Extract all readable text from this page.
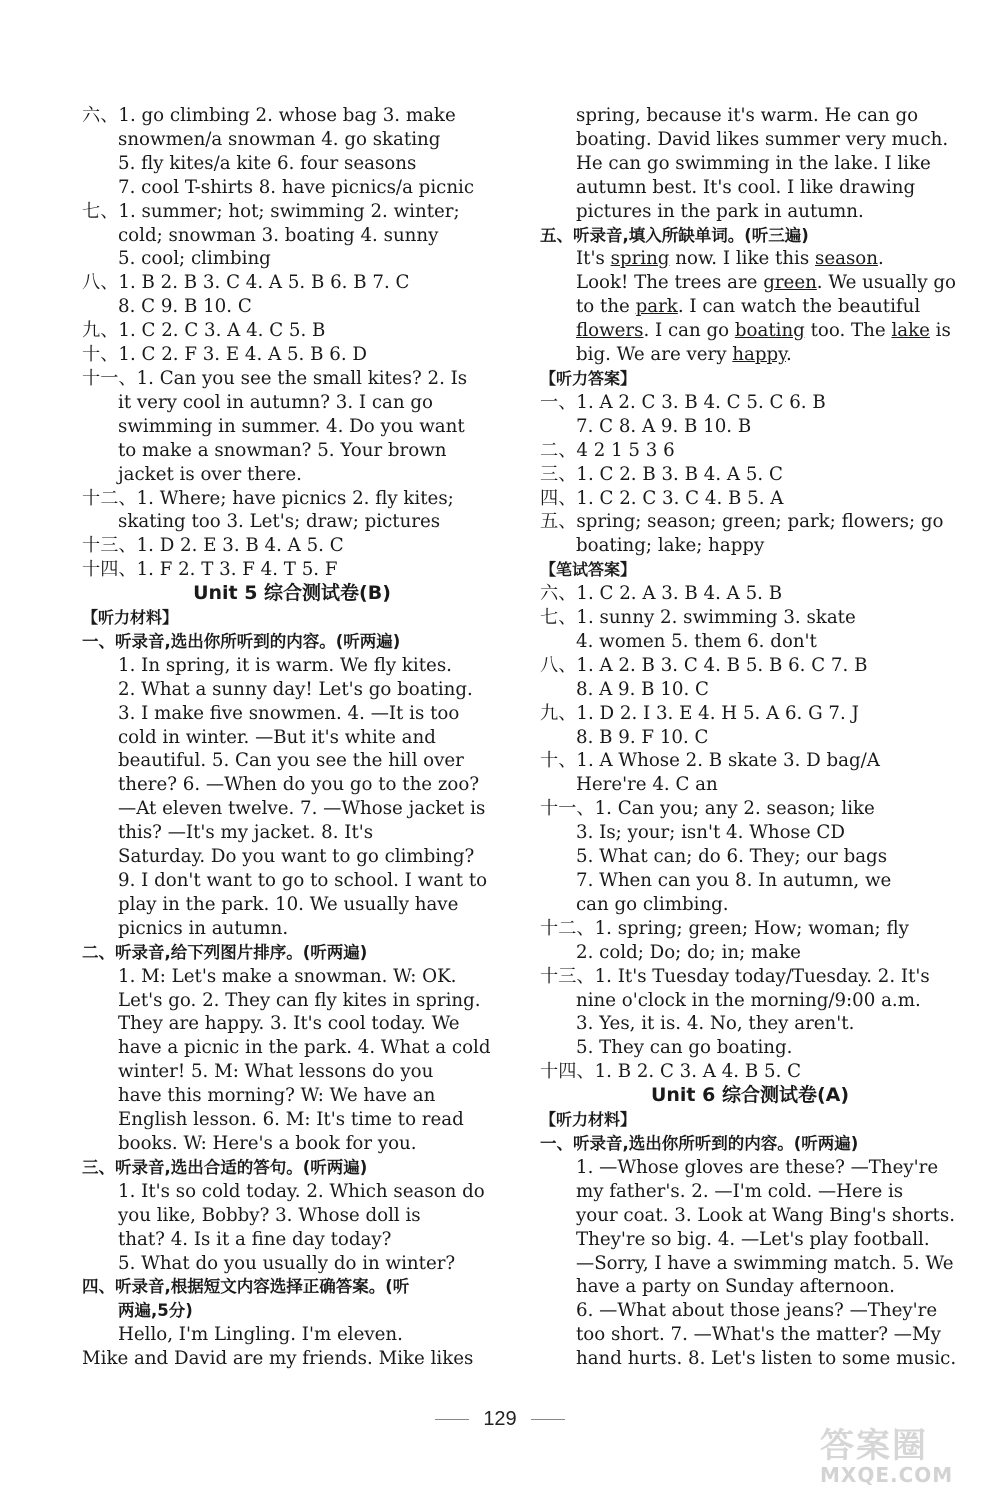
六、1. go climbing 2. whose bag 3. make
snowmen/a snowman 4. go skating
5. fly kites/a kite 6. four seasons
7. cool T-shirts 8. have picnics/a picnic
七、1. summer; hot; swimming 2. winter;
cold; snowman 3. boating 4. sunny
5. cool; climbing
八、1. B 2. B 3. C 4. A 5. B 6. B 7. C
8. C 9. B 10. C
九、1. C 2. C 3. A 4. C 5. B
十、1. C 2. F 3. E 4. A 5. B 6. D
十一、1. Can you see the small kites? 2. Is
it very cool in autumn? 3. I can go
swimming in summer. 4. Do you want
to make a snowman? 5. Your brown
jacket is over there.
十二、1. Where; have picnics 2. fly kites;
skating too 3. Let's; draw; pictures
十三、1. D 2. E 3. B 4. A 5. C
十四、1. F 2. T 3. F 4. T 5. F
Unit 5 综合测试卷(B)
【听力材料】
一、听录音,选出你所听到的内容。(听两遍)
1. In spring, it is warm. We fly kites.
2. What a sunny day! Let's go boating.
3. I make five snowmen. 4. —It is too
cold in winter. —But it's white and
beautiful. 5. Can you see the hill over
there? 6. —When do you go to the zoo?
—At eleven twelve. 7. —Whose jacket is
this? —It's my jacket. 8. It's
Saturday. Do you want to go climbing?
9. I don't want to go to school. I want to
play in the park. 10. We usually have
picnics in autumn.
二、听录音,给下列图片排序。(听两遍)
1. M: Let's make a snowman. W: OK.
Let's go. 2. They can fly kites in spring.
They are happy. 3. It's cool today. We
have a picnic in the park. 4. What a cold
winter! 5. M: What lessons do you
have this morning? W: We have an
English lesson. 6. M: It's time to read
books. W: Here's a book for you.
三、听录音,选出合适的答句。(听两遍)
1. It's so cold today. 2. Which season do
you like, Bobby? 3. Whose doll is
that? 4. Is it a fine day today?
5. What do you usually do in winter?
四、听录音,根据短文内容选择正确答案。(听
两遍,5分)
Hello, I'm Lingling. I'm eleven.
Mike and David are my friends. Mike likes
spring, because it's warm. He can go
boating. David likes summer very much.
He can go swimming in the lake. I like
autumn best. It's cool. I like drawing
pictures in the park in autumn.
五、听录音,填入所缺单词。(听三遍)
It's spring now. I like this season.
Look! The trees are green. We usually go
to the park. I can watch the beautiful
flowers. I can go boating too. The lake is
big. We are very happy.
【听力答案】
一、1. A 2. C 3. B 4. C 5. C 6. B
7. C 8. A 9. B 10. B
二、4 2 1 5 3 6
三、1. C 2. B 3. B 4. A 5. C
四、1. C 2. C 3. C 4. B 5. A
五、spring; season; green; park; flowers; go
boating; lake; happy
【笔试答案】
六、1. C 2. A 3. B 4. A 5. B
七、1. sunny 2. swimming 3. skate
4. women 5. them 6. don't
八、1. A 2. B 3. C 4. B 5. B 6. C 7. B
8. A 9. B 10. C
九、1. D 2. I 3. E 4. H 5. A 6. G 7. J
8. B 9. F 10. C
十、1. A Whose 2. B skate 3. D bag/A
Here're 4. C an
十一、1. Can you; any 2. season; like
3. Is; your; isn't 4. Whose CD
5. What can; do 6. They; our bags
7. When can you 8. In autumn, we
can go climbing.
十二、1. spring; green; How; woman; fly
2. cold; Do; do; in; make
十三、1. It's Tuesday today/Tuesday. 2. It's
nine o'clock in the morning/9:00 a.m.
3. Yes, it is. 4. No, they aren't.
5. They can go boating.
十四、1. B 2. C 3. A 4. B 5. C
Unit 6 综合测试卷(A)
【听力材料】
一、听录音,选出你所听到的内容。(听两遍)
1. —Whose gloves are these? —They're
my father's. 2. —I'm cold. —Here is
your coat. 3. Look at Wang Bing's shorts.
They're so big. 4. —Let's play football.
—Sorry, I have a swimming match. 5. We
have a party on Sunday afternoon.
6. —What about those jeans? —They're
too short. 7. —What's the matter? —My
hand hurts. 8. Let's listen to some music.
129
答案圈
MXQE.COM
